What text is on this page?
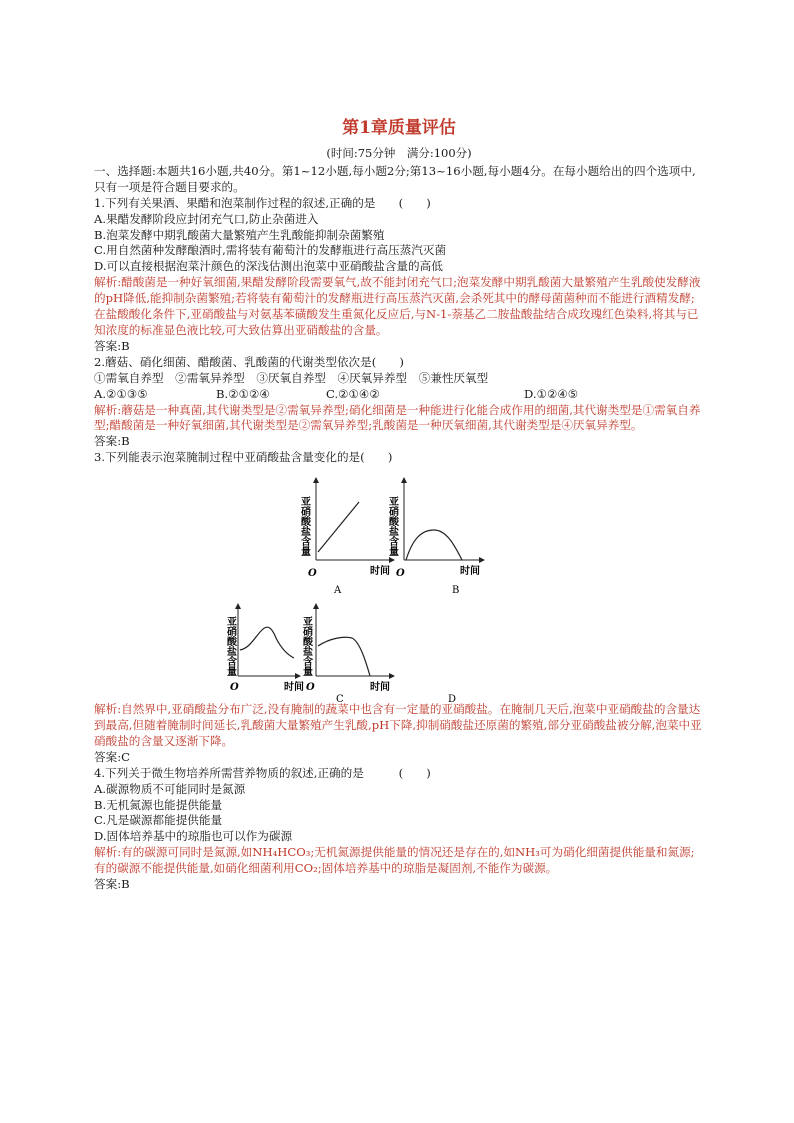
第1章质量评估
(时间:75分钟　满分:100分)

一、选择题:本题共16小题,共40分。第1~12小题,每小题2分;第13~16小题,每小题4分。在每小题给出的四个选项中,只有一项是符合题目要求的。

1.下列有关果酒、果醋和泡菜制作过程的叙述,正确的是　　(　　)

A.果醋发酵阶段应封闭充气口,防止杂菌进入

B.泡菜发酵中期乳酸菌大量繁殖产生乳酸能抑制杂菌繁殖

C.用自然菌种发酵酿酒时,需将装有葡萄汁的发酵瓶进行高压蒸汽灭菌

D.可以直接根据泡菜汁颜色的深浅估测出泡菜中亚硝酸盐含量的高低

解析:醋酸菌是一种好氧细菌,果醋发酵阶段需要氧气,故不能封闭充气口;泡菜发酵中期乳酸菌大量繁殖产生乳酸使发酵液的pH降低,能抑制杂菌繁殖;若将装有葡萄汁的发酵瓶进行高压蒸汽灭菌,会杀死其中的酵母菌菌种而不能进行酒精发酵;在盐酸酸化条件下,亚硝酸盐与对氨基苯磺酸发生重氮化反应后,与N-1-萘基乙二胺盐酸盐结合成玫瑰红色染料,将其与已知浓度的标准显色液比较,可大致估算出亚硝酸盐的含量。

答案:B

2.蘑菇、硝化细菌、醋酸菌、乳酸菌的代谢类型依次是(　　)

①需氧自养型　②需氧异养型　③厌氧自养型　④厌氧异养型　⑤兼性厌氧型

A.②①③⑤	B.②①②④	C.②①④②	D.①②④⑤

解析:蘑菇是一种真菌,其代谢类型是②需氧异养型;硝化细菌是一种能进行化能合成作用的细菌,其代谢类型是①需氧自养型;醋酸菌是一种好氧细菌,其代谢类型是②需氧异养型;乳酸菌是一种厌氧细菌,其代谢类型是④厌氧异养型。

答案:B

3.下列能表示泡菜腌制过程中亚硝酸盐含量变化的是(　　)

O	时间
亚硝酸盐含量
A
O	时间
亚硝酸盐含量
B
O
亚硝酸盐含量
O
时间	时间
亚硝酸盐含量
C	D

解析:自然界中,亚硝酸盐分布广泛,没有腌制的蔬菜中也含有一定量的亚硝酸盐。在腌制几天后,泡菜中亚硝酸盐的含量达到最高,但随着腌制时间延长,乳酸菌大量繁殖产生乳酸,pH下降,抑制硝酸盐还原菌的繁殖,部分亚硝酸盐被分解,泡菜中亚硝酸盐的含量又逐渐下降。

答案:C

4.下列关于微生物培养所需营养物质的叙述,正确的是　　　(　　)

A.碳源物质不可能同时是氮源

B.无机氮源也能提供能量

C.凡是碳源都能提供能量

D.固体培养基中的琼脂也可以作为碳源

解析:有的碳源可同时是氮源,如NH₄HCO₃;无机氮源提供能量的情况还是存在的,如NH₃可为硝化细菌提供能量和氮源;有的碳源不能提供能量,如硝化细菌利用CO₂;固体培养基中的琼脂是凝固剂,不能作为碳源。

答案:B
